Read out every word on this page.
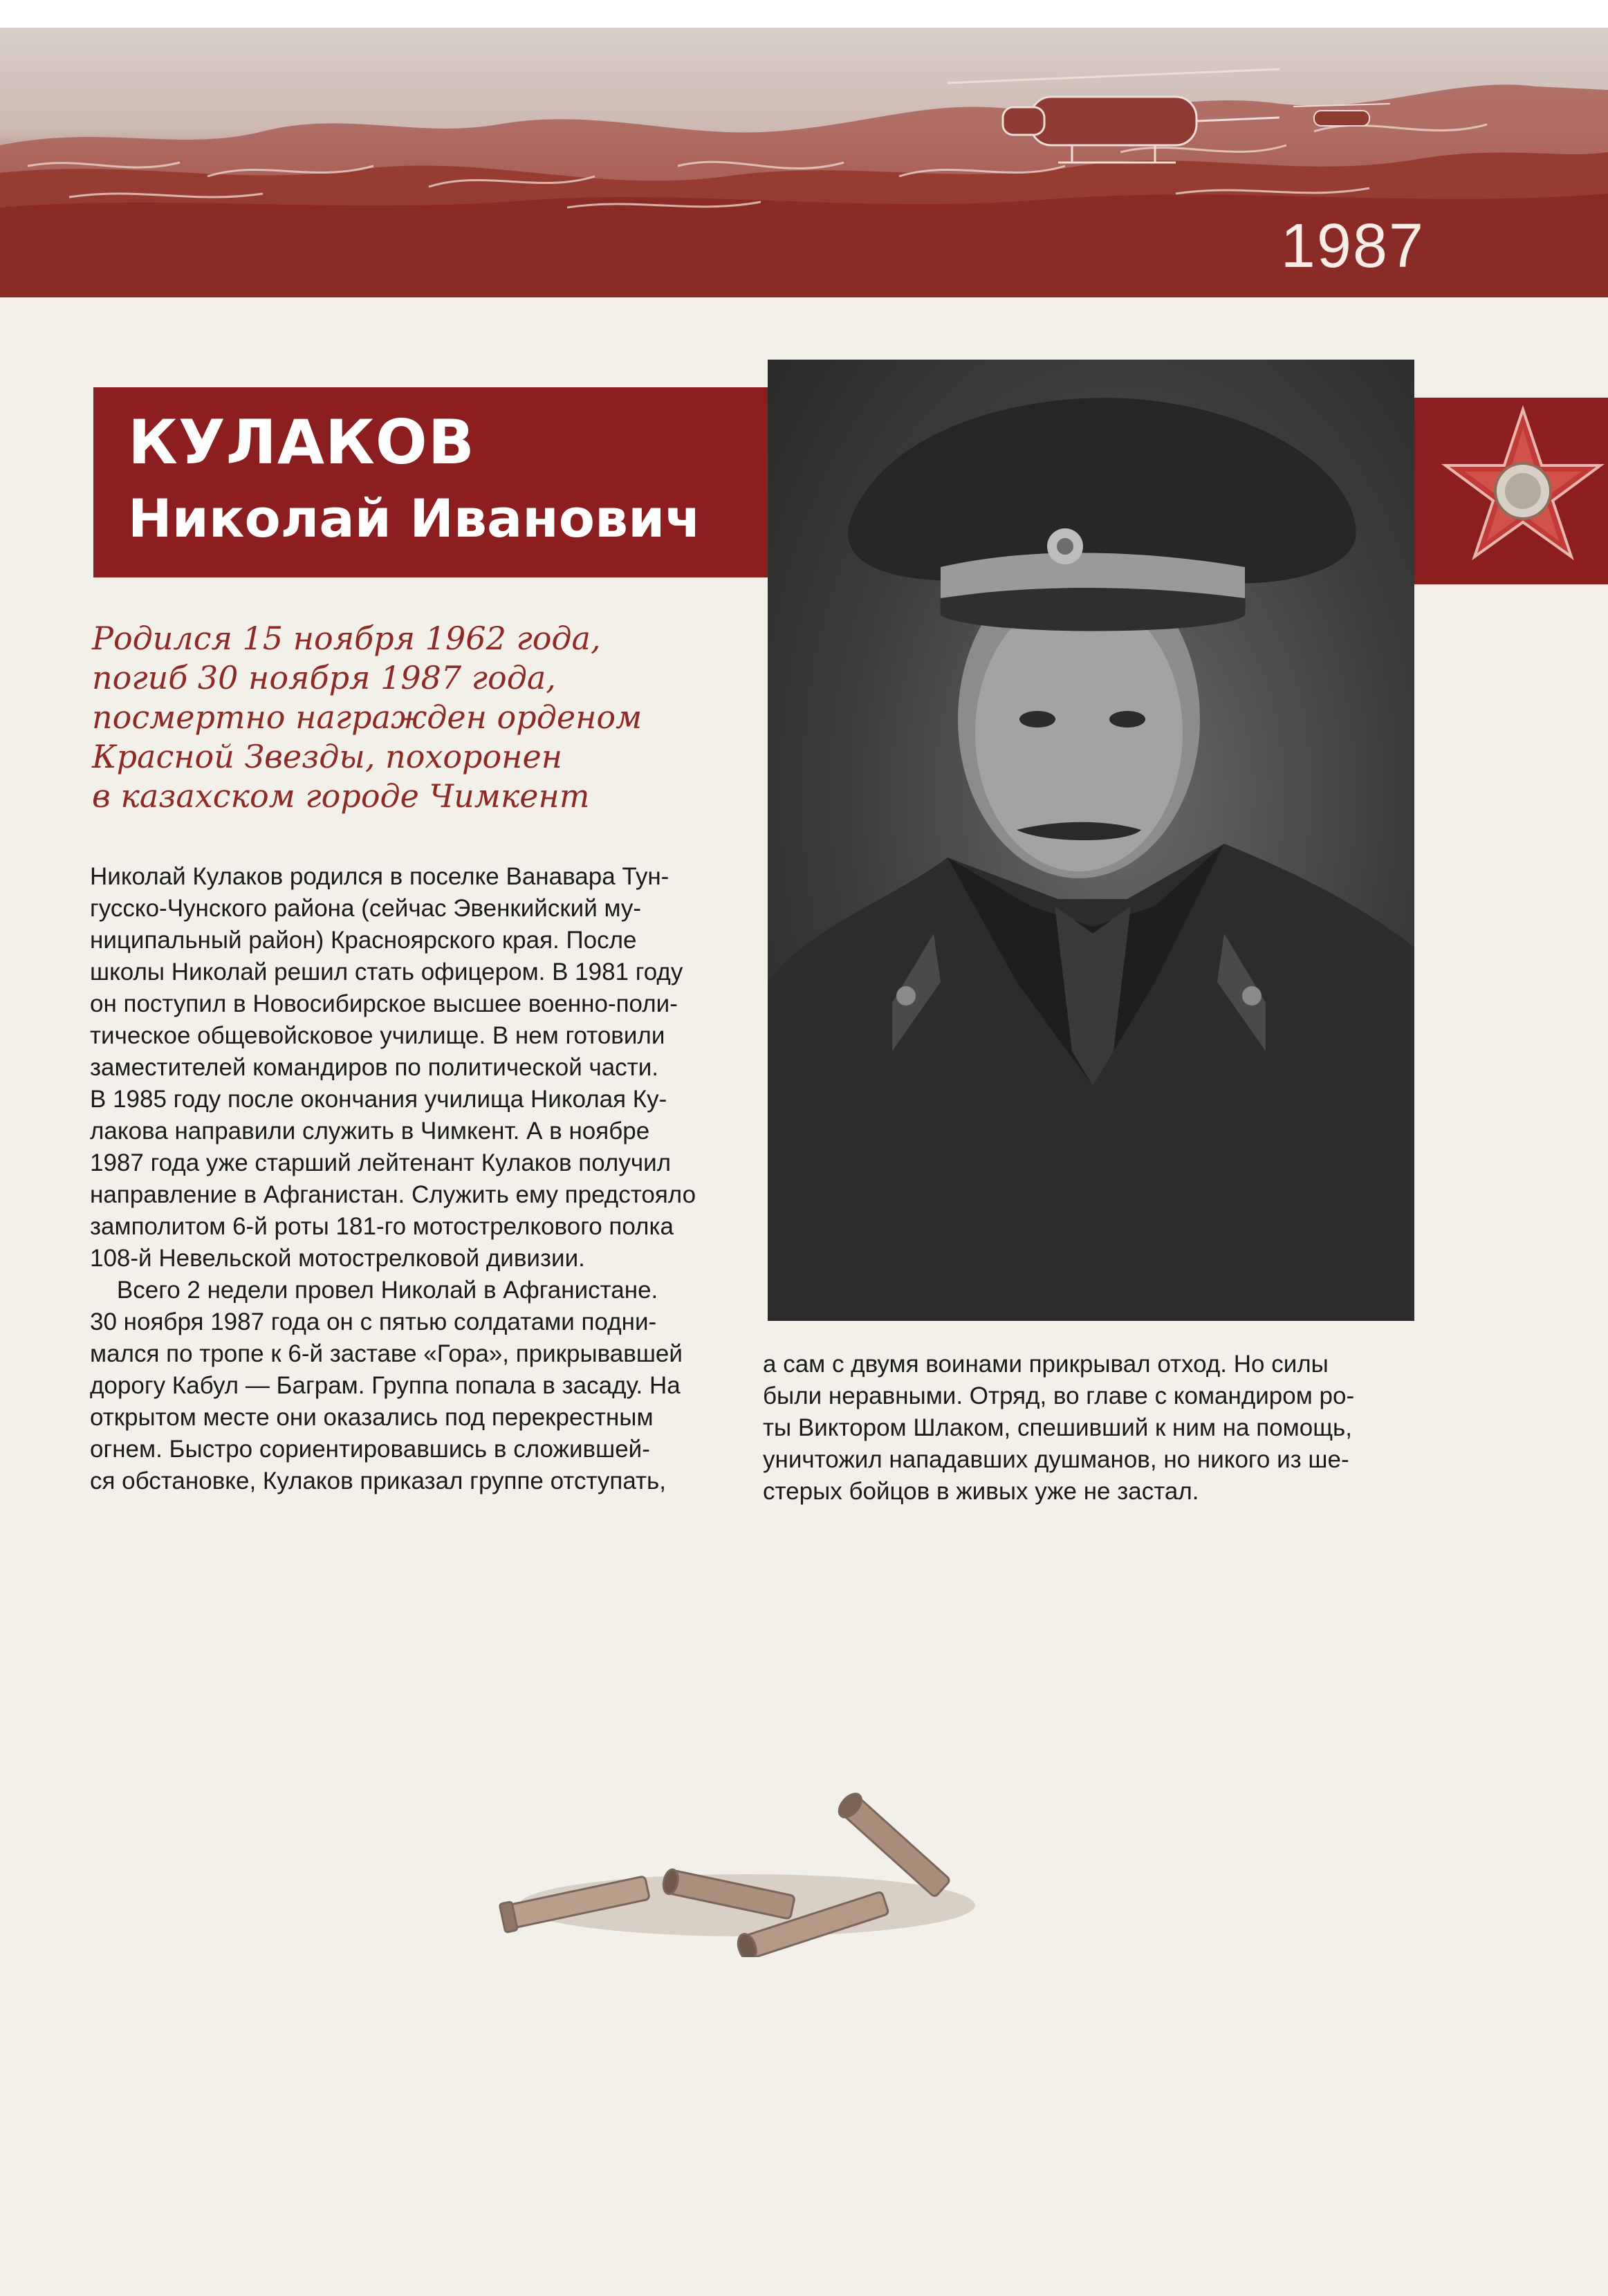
1987
КУЛАКОВ
Николай Иванович
Родился 15 ноября 1962 года,
погиб 30 ноября 1987 года,
посмертно награжден орденом
Красной Звезды, похоронен
в казахском городе Чимкент
Николай Кулаков родился в поселке Ванавара Тун-
гусско-Чунского района (сейчас Эвенкийский му-
ниципальный район) Красноярского края. После
школы Николай решил стать офицером. В 1981 году
он поступил в Новосибирское высшее военно-поли-
тическое общевойсковое училище. В нем готовили
заместителей командиров по политической части.
В 1985 году после окончания училища Николая Ку-
лакова направили служить в Чимкент. А в ноябре
1987 года уже старший лейтенант Кулаков получил
направление в Афганистан. Служить ему предстояло
замполитом 6-й роты 181-го мотострелкового полка
108-й Невельской мотострелковой дивизии.
Всего 2 недели провел Николай в Афганистане.
30 ноября 1987 года он с пятью солдатами подни-
мался по тропе к 6-й заставе «Гора», прикрывавшей
дорогу Кабул — Баграм. Группа попала в засаду. На
открытом месте они оказались под перекрестным
огнем. Быстро сориентировавшись в сложившей-
ся обстановке, Кулаков приказал группе отступать,
а сам с двумя воинами прикрывал отход. Но силы
были неравными. Отряд, во главе с командиром ро-
ты Виктором Шлаком, спешивший к ним на помощь,
уничтожил нападавших душманов, но никого из ше-
стерых бойцов в живых уже не застал.
